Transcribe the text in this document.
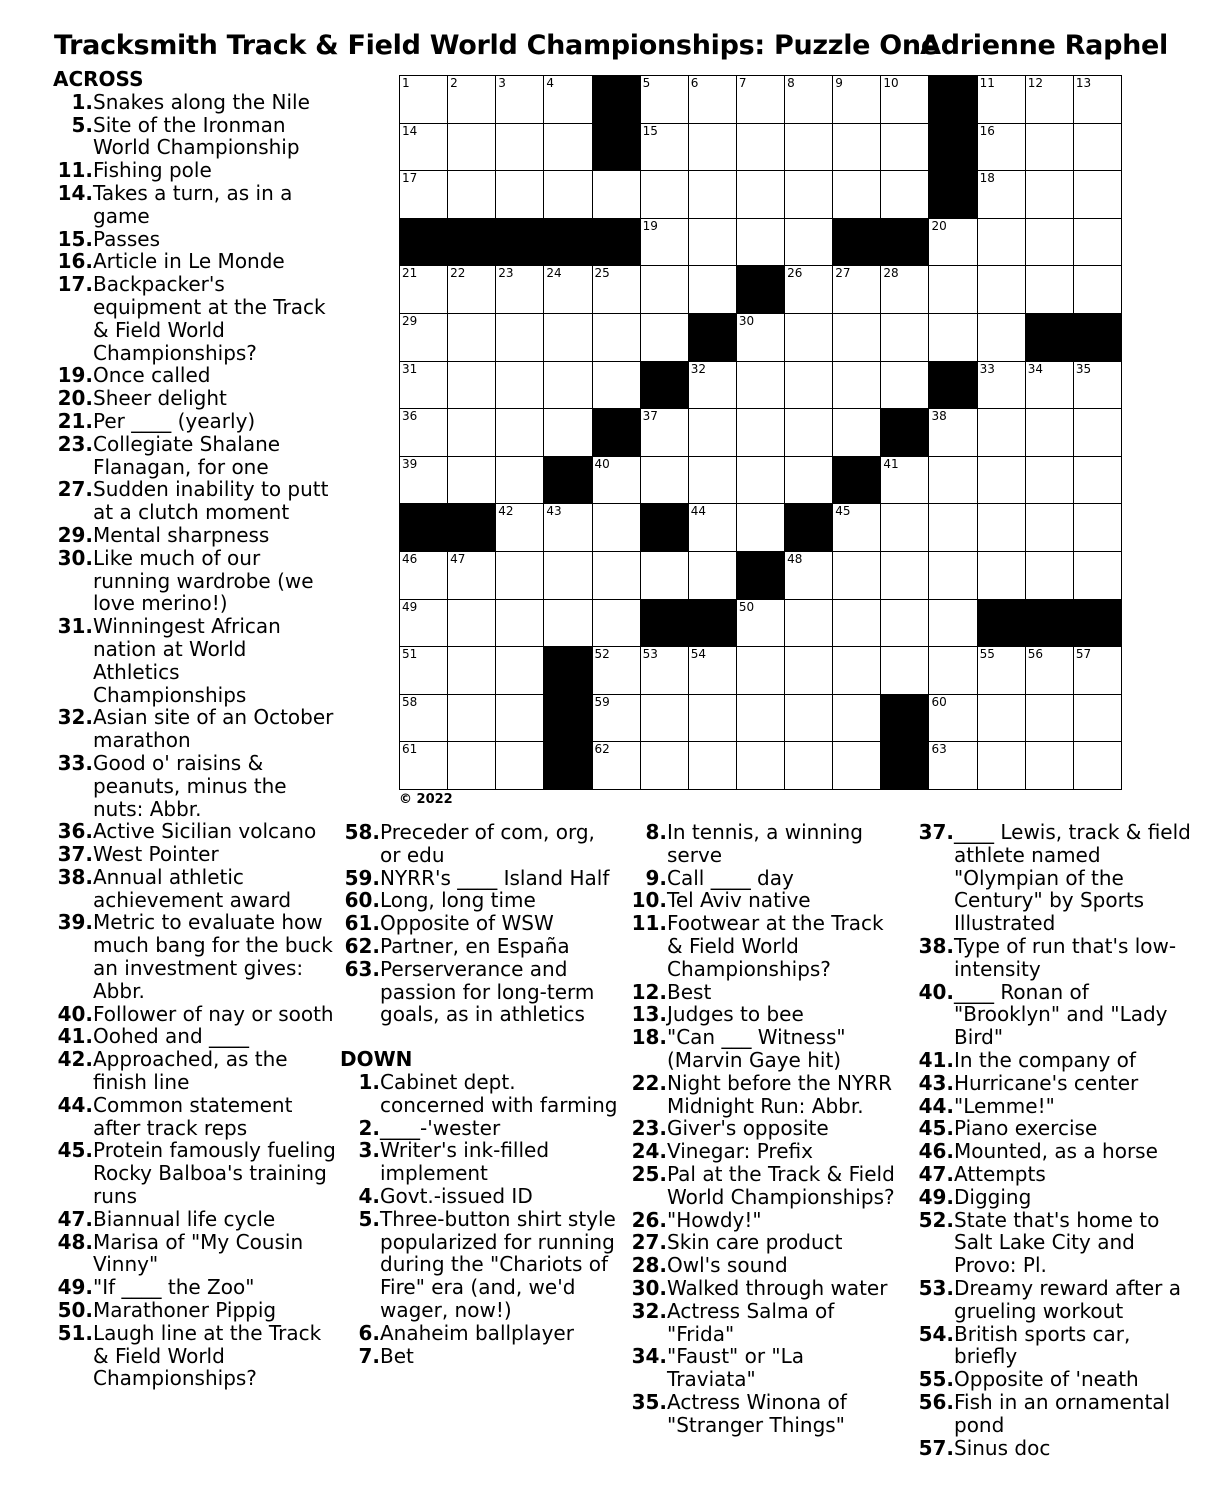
Tracksmith Track & Field World Championships: Puzzle One
Adrienne Raphel
1	2	3	4	5	6	7	8	9	10	11	12	13
14	15	16
17	18
19	20
21	22	23	24	25	26	27	28
29	30
31	32	33	34	35
36	37	38
39	40	41
42	43	44	45
46	47	48
49	50
51	52	53	54	55	56	57
58	59	60
61	62	63
© 2022
ACROSS
1. Snakes along the Nile
5. Site of the Ironman World Championship
11. Fishing pole
14. Takes a turn, as in a game
15. Passes
16. Article in Le Monde
17. Backpacker's equipment at the Track & Field World Championships?
19. Once called
20. Sheer delight
21. Per ____ (yearly)
23. Collegiate Shalane Flanagan, for one
27. Sudden inability to putt at a clutch moment
29. Mental sharpness
30. Like much of our running wardrobe (we love merino!)
31. Winningest African nation at World Athletics Championships
32. Asian site of an October marathon
33. Good o' raisins & peanuts, minus the nuts: Abbr.
36. Active Sicilian volcano
37. West Pointer
38. Annual athletic achievement award
39. Metric to evaluate how much bang for the buck an investment gives: Abbr.
40. Follower of nay or sooth
41. Oohed and ____
42. Approached, as the finish line
44. Common statement after track reps
45. Protein famously fueling Rocky Balboa's training runs
47. Biannual life cycle
48. Marisa of "My Cousin Vinny"
49. "If ____ the Zoo"
50. Marathoner Pippig
51. Laugh line at the Track & Field World Championships?
58. Preceder of com, org, or edu
59. NYRR's ____ Island Half
60. Long, long time
61. Opposite of WSW
62. Partner, en España
63. Perserverance and passion for long-term goals, as in athletics
DOWN
1. Cabinet dept. concerned with farming
2. ____-'wester
3. Writer's ink-filled implement
4. Govt.-issued ID
5. Three-button shirt style popularized for running during the "Chariots of Fire" era (and, we'd wager, now!)
6. Anaheim ballplayer
7. Bet
8. In tennis, a winning serve
9. Call ____ day
10. Tel Aviv native
11. Footwear at the Track & Field World Championships?
12. Best
13. Judges to bee
18. "Can ___ Witness" (Marvin Gaye hit)
22. Night before the NYRR Midnight Run: Abbr.
23. Giver's opposite
24. Vinegar: Prefix
25. Pal at the Track & Field World Championships?
26. "Howdy!"
27. Skin care product
28. Owl's sound
30. Walked through water
32. Actress Salma of "Frida"
34. "Faust" or "La Traviata"
35. Actress Winona of "Stranger Things"
37. ____ Lewis, track & field athlete named "Olympian of the Century" by Sports Illustrated
38. Type of run that's low-intensity
40. ____ Ronan of "Brooklyn" and "Lady Bird"
41. In the company of
43. Hurricane's center
44. "Lemme!"
45. Piano exercise
46. Mounted, as a horse
47. Attempts
49. Digging
52. State that's home to Salt Lake City and Provo: Pl.
53. Dreamy reward after a grueling workout
54. British sports car, briefly
55. Opposite of 'neath
56. Fish in an ornamental pond
57. Sinus doc
